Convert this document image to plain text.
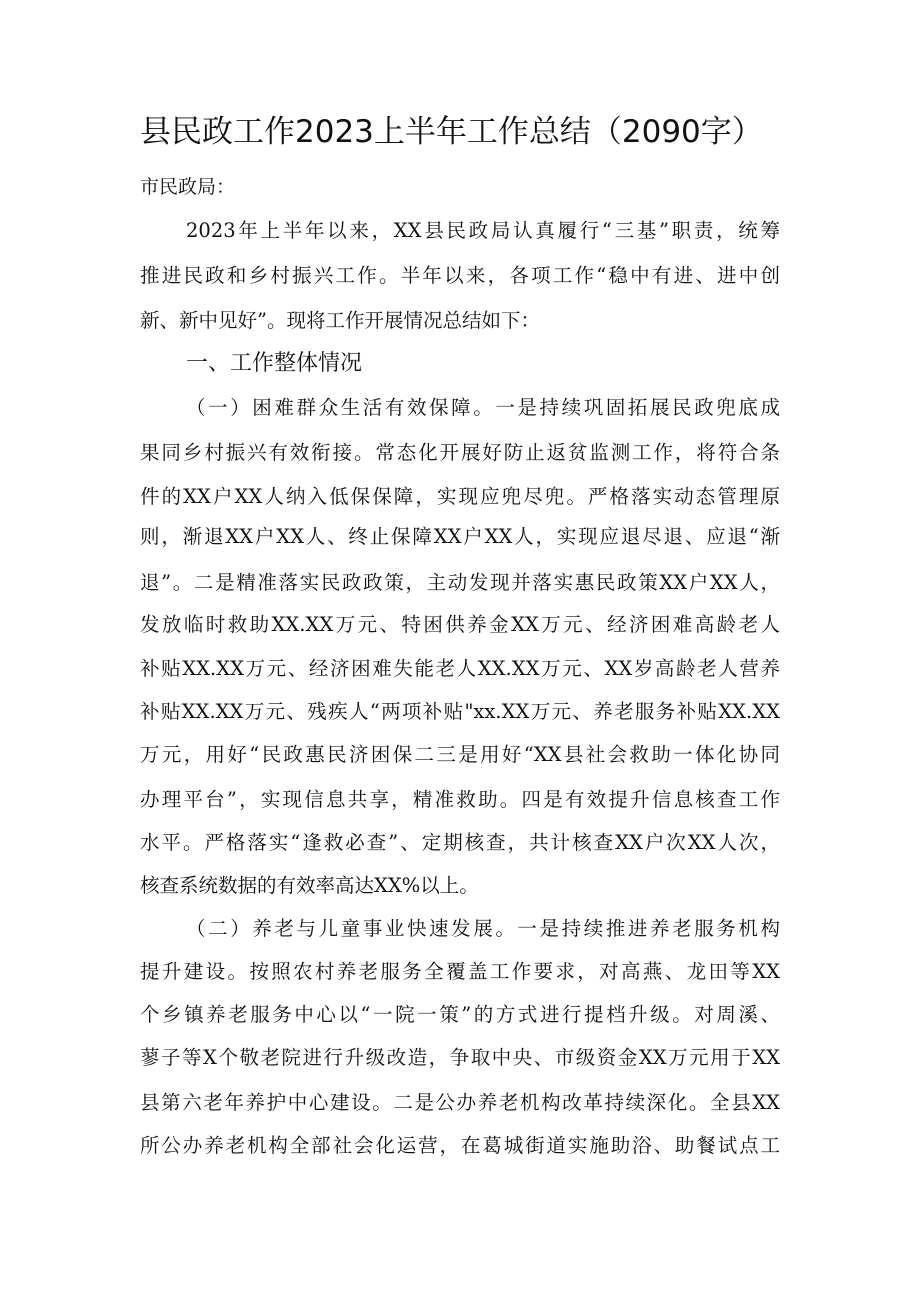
县民政工作2023上半年工作总结（2090字）
市民政局：
2023年上半年以来，XX县民政局认真履行“三基”职责，统筹
推进民政和乡村振兴工作。半年以来，各项工作“稳中有进、进中创
新、新中见好”。现将工作开展情况总结如下：
一、工作整体情况
（一）困难群众生活有效保障。一是持续巩固拓展民政兜底成
果同乡村振兴有效衔接。常态化开展好防止返贫监测工作，将符合条
件的XX户XX人纳入低保保障，实现应兜尽兜。严格落实动态管理原
则，渐退XX户XX人、终止保障XX户XX人，实现应退尽退、应退“渐
退”。二是精准落实民政政策，主动发现并落实惠民政策XX户XX人，
发放临时救助XX.XX万元、特困供养金XX万元、经济困难高龄老人
补贴XX.XX万元、经济困难失能老人XX.XX万元、XX岁高龄老人营养
补贴XX.XX万元、残疾人“两项补贴"xx.XX万元、养老服务补贴XX.XX
万元，用好“民政惠民济困保二三是用好“XX县社会救助一体化协同
办理平台”，实现信息共享，精准救助。四是有效提升信息核查工作
水平。严格落实“逢救必查”、定期核查，共计核查XX户次XX人次，
核查系统数据的有效率高达XX%以上。
（二）养老与儿童事业快速发展。一是持续推进养老服务机构
提升建设。按照农村养老服务全覆盖工作要求，对高燕、龙田等XX
个乡镇养老服务中心以“一院一策”的方式进行提档升级。对周溪、
蓼子等X个敬老院进行升级改造，争取中央、市级资金XX万元用于XX
县第六老年养护中心建设。二是公办养老机构改革持续深化。全县XX
所公办养老机构全部社会化运营，在葛城街道实施助浴、助餐试点工
